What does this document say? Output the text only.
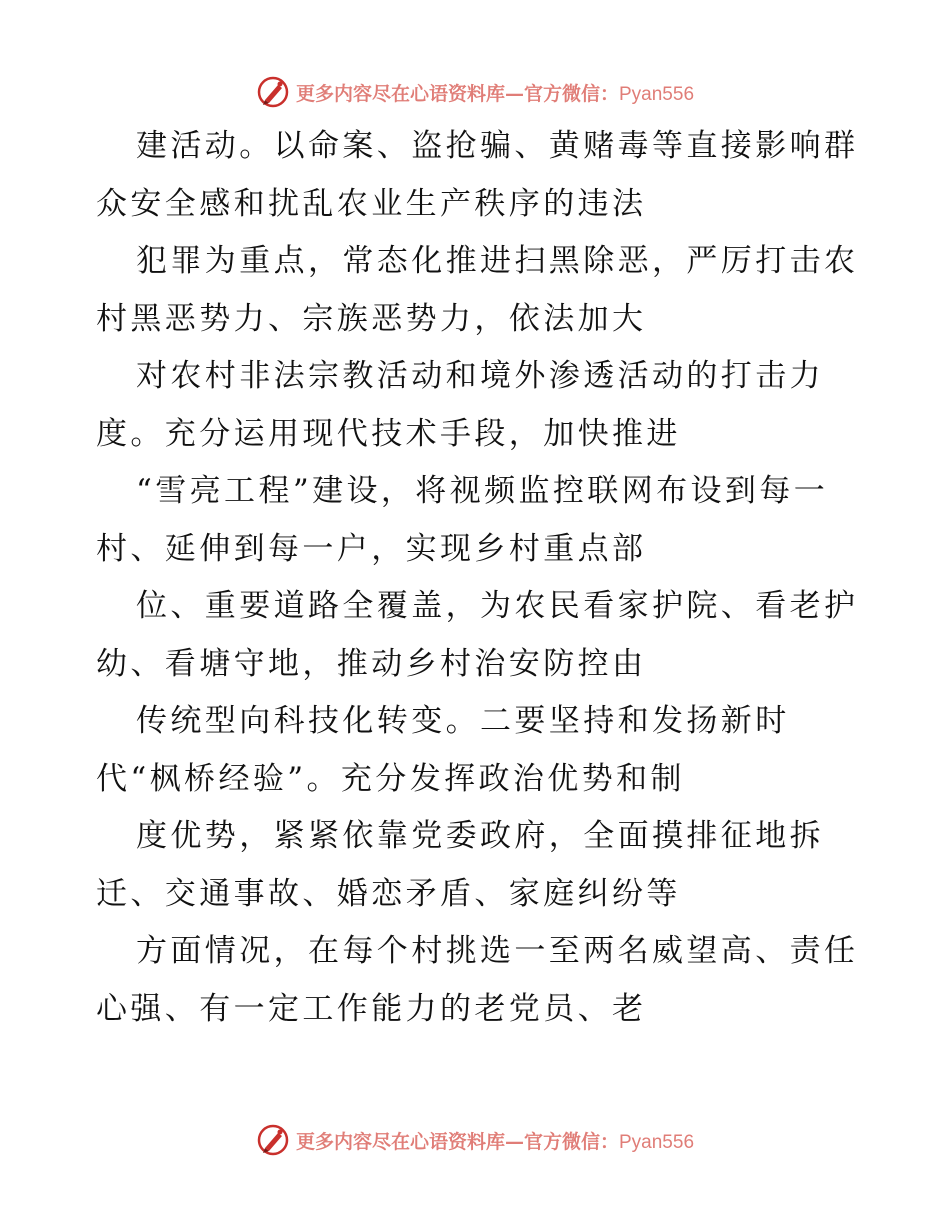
更多内容尽在心语资料库—官方微信：Pyan556
建活动。以命案、盗抢骗、黄赌毒等直接影响群
众安全感和扰乱农业生产秩序的违法
犯罪为重点，常态化推进扫黑除恶，严厉打击农
村黑恶势力、宗族恶势力，依法加大
对农村非法宗教活动和境外渗透活动的打击力
度。充分运用现代技术手段，加快推进
“雪亮工程”建设，将视频监控联网布设到每一
村、延伸到每一户，实现乡村重点部
位、重要道路全覆盖，为农民看家护院、看老护
幼、看塘守地，推动乡村治安防控由
传统型向科技化转变。二要坚持和发扬新时
代“枫桥经验”。充分发挥政治优势和制
度优势，紧紧依靠党委政府，全面摸排征地拆
迁、交通事故、婚恋矛盾、家庭纠纷等
方面情况，在每个村挑选一至两名威望高、责任
心强、有一定工作能力的老党员、老
更多内容尽在心语资料库—官方微信：Pyan556
